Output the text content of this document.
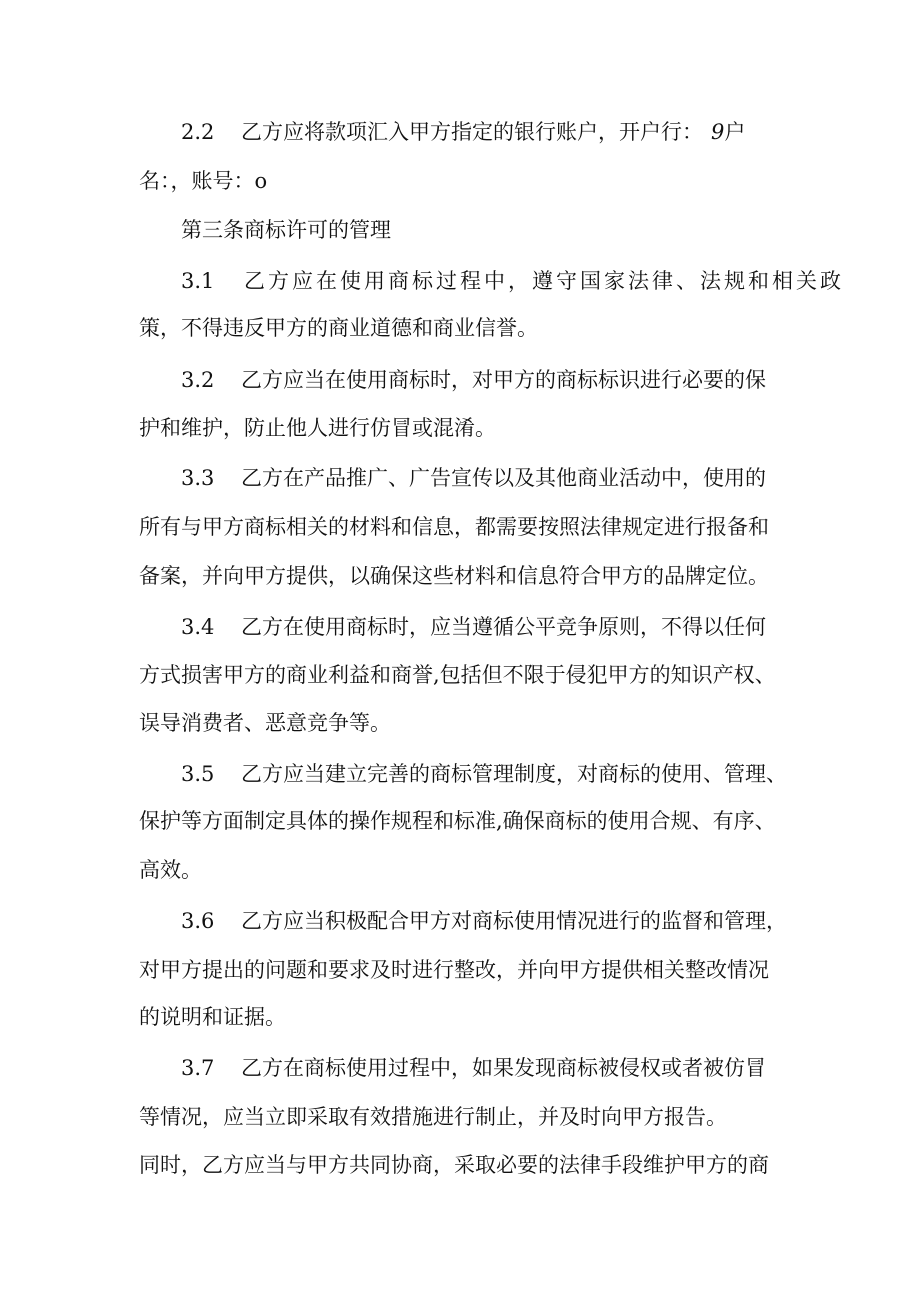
2.2 乙方应将款项汇入甲方指定的银行账户，开户行： 9户
名：，账号：o
第三条商标许可的管理
3.1 乙方应在使用商标过程中，遵守国家法律、法规和相关政
策，不得违反甲方的商业道德和商业信誉。
3.2 乙方应当在使用商标时，对甲方的商标标识进行必要的保
护和维护，防止他人进行仿冒或混淆。
3.3 乙方在产品推广、广告宣传以及其他商业活动中，使用的
所有与甲方商标相关的材料和信息，都需要按照法律规定进行报备和
备案，并向甲方提供，以确保这些材料和信息符合甲方的品牌定位。
3.4 乙方在使用商标时，应当遵循公平竞争原则，不得以任何
方式损害甲方的商业利益和商誉,包括但不限于侵犯甲方的知识产权、
误导消费者、恶意竞争等。
3.5 乙方应当建立完善的商标管理制度，对商标的使用、管理、
保护等方面制定具体的操作规程和标准,确保商标的使用合规、有序、
高效。
3.6 乙方应当积极配合甲方对商标使用情况进行的监督和管理，
对甲方提出的问题和要求及时进行整改，并向甲方提供相关整改情况
的说明和证据。
3.7 乙方在商标使用过程中，如果发现商标被侵权或者被仿冒
等情况，应当立即采取有效措施进行制止，并及时向甲方报告。
同时，乙方应当与甲方共同协商，采取必要的法律手段维护甲方的商
